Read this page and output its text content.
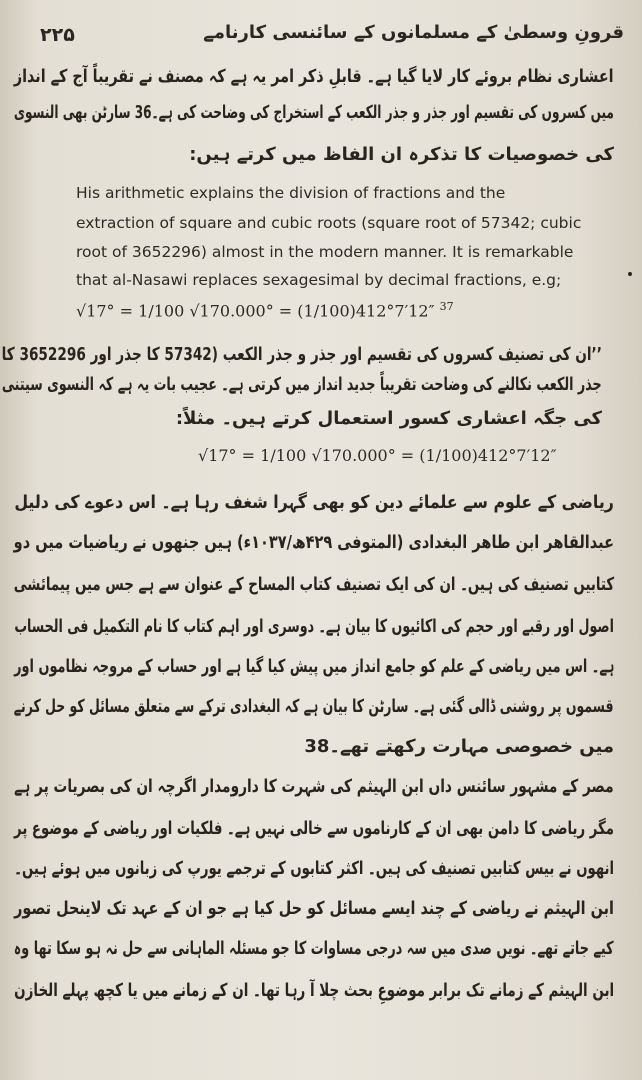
۲۲۵	قرونِ وسطیٰ کے مسلمانوں کے سائنسی کارنامے
اعشاری نظام بروئے کار لایا گیا ہے۔ قابلِ ذکر امر یہ ہے کہ مصنف نے تقریباً آج کے انداز
میں کسروں کی تقسیم اور جذر و جذر الکعب کے استخراج کی وضاحت کی ہے۔36 سارٹن بھی النسوی
کی خصوصیات کا تذکرہ ان الفاظ میں کرتے ہیں:
His arithmetic explains the division of fractions and the
extraction of square and cubic roots (square root of 57342; cubic
root of 3652296) almost in the modern manner. It is remarkable
that al-Nasawi replaces sexagesimal by decimal fractions, e.g;
√17° = 1/100 √170.000° = (1/100)412°7′12″ $^{37}$
’’ان کی تصنیف کسروں کی تقسیم اور جذر و جذر الکعب (57342 کا جذر اور 3652296 کا
جذر الکعب نکالنے کی وضاحت تقریباً جدید انداز میں کرتی ہے۔ عجیب بات یہ ہے کہ النسوی سیتنی
کی جگہ اعشاری کسور استعمال کرتے ہیں۔ مثلاً:
√17° = 1/100 √170.000° = (1/100)412°7′12″
ریاضی کے علوم سے علمائے دین کو بھی گہرا شغف رہا ہے۔ اس دعوے کی دلیل
عبدالقاهر ابن طاهر البغدادی (المتوفی ۴۲۹ھ/۱۰۳۷ء) ہیں جنھوں نے ریاضیات میں دو
کتابیں تصنیف کی ہیں۔ ان کی ایک تصنیف کتاب المساح کے عنوان سے ہے جس میں پیمائشی
اصول اور رقبے اور حجم کی اکائیوں کا بیان ہے۔ دوسری اور اہم کتاب کا نام التکمیل فی الحساب
ہے۔ اس میں ریاضی کے علم کو جامع انداز میں پیش کیا گیا ہے اور حساب کے مروجہ نظاموں اور
قسموں پر روشنی ڈالی گئی ہے۔ سارٹن کا بیان ہے کہ البغدادی ترکے سے متعلق مسائل کو حل کرنے
میں خصوصی مہارت رکھتے تھے۔38
مصر کے مشہور سائنس داں ابن الہیثم کی شہرت کا دارومدار اگرچہ ان کی بصریات پر ہے
مگر ریاضی کا دامن بھی ان کے کارناموں سے خالی نہیں ہے۔ فلکیات اور ریاضی کے موضوع پر
انھوں نے بیس کتابیں تصنیف کی ہیں۔ اکثر کتابوں کے ترجمے یورپ کی زبانوں میں ہوئے ہیں۔
ابن الہیثم نے ریاضی کے چند ایسے مسائل کو حل کیا ہے جو ان کے عہد تک لاینحل تصور
کیے جاتے تھے۔ نویں صدی میں سہ درجی مساوات کا جو مسئلہ الماہانی سے حل نہ ہو سکا تھا وہ
ابن الہیثم کے زمانے تک برابر موضوعِ بحث چلا آ رہا تھا۔ ان کے زمانے میں یا کچھ پہلے الخازن
